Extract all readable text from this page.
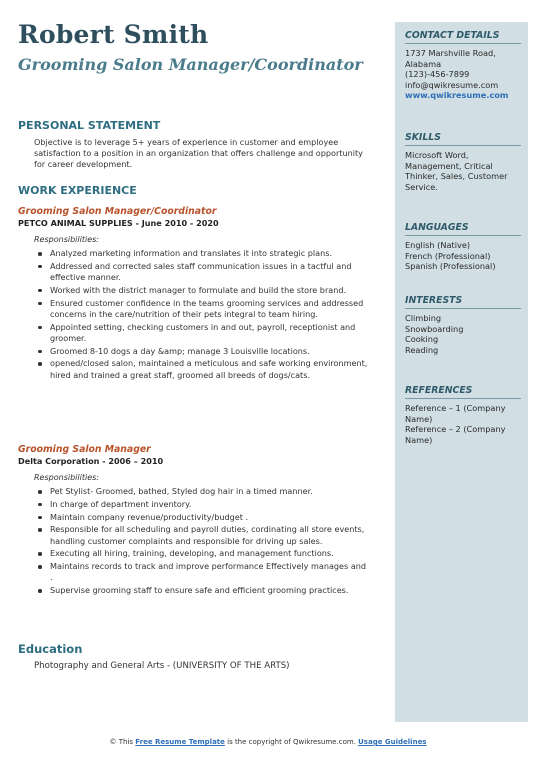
Robert Smith
Grooming Salon Manager/Coordinator
PERSONAL STATEMENT
Objective is to leverage 5+ years of experience in customer and employee satisfaction to a position in an organization that offers challenge and opportunity for career development.
WORK EXPERIENCE
Grooming Salon Manager/Coordinator
PETCO ANIMAL SUPPLIES - June 2010 - 2020
Responsibilities:
Analyzed marketing information and translates it into strategic plans.
Addressed and corrected sales staff communication issues in a tactful and effective manner.
Worked with the district manager to formulate and build the store brand.
Ensured customer confidence in the teams grooming services and addressed concerns in the care/nutrition of their pets integral to team hiring.
Appointed setting, checking customers in and out, payroll, receptionist and groomer.
Groomed 8-10 dogs a day &amp; manage 3 Louisville locations.
opened/closed salon, maintained a meticulous and safe working environment, hired and trained a great staff, groomed all breeds of dogs/cats.
Grooming Salon Manager
Delta Corporation - 2006 – 2010
Responsibilities:
Pet Stylist- Groomed, bathed, Styled dog hair in a timed manner.
In charge of department inventory.
Maintain company revenue/productivity/budget .
Responsible for all scheduling and payroll duties, cordinating all store events, handling customer complaints and responsible for driving up sales.
Executing all hiring, training, developing, and management functions.
Maintains records to track and improve performance Effectively manages and .
Supervise grooming staff to ensure safe and efficient grooming practices.
Education
Photography and General Arts - (UNIVERSITY OF THE ARTS)
CONTACT DETAILS
1737 Marshville Road,
Alabama
(123)-456-7899
info@qwikresume.com
www.qwikresume.com
SKILLS
Microsoft Word, Management, Critical Thinker, Sales, Customer Service.
LANGUAGES
English (Native)
French (Professional)
Spanish (Professional)
INTERESTS
Climbing
Snowboarding
Cooking
Reading
REFERENCES
Reference – 1 (Company Name)
Reference – 2 (Company Name)
© This Free Resume Template is the copyright of Qwikresume.com. Usage Guidelines
